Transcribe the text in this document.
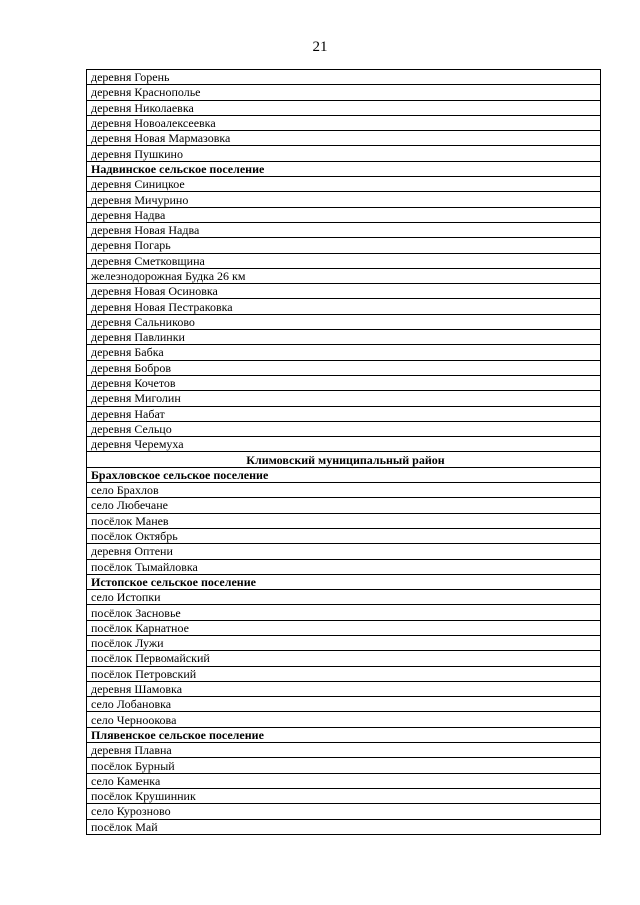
21
деревня Горень
деревня Краснополье
деревня Николаевка
деревня Новоалексеевка
деревня Новая Мармазовка
деревня Пушкино
Надвинское сельское поселение
деревня Синицкое
деревня Мичурино
деревня Надва
деревня Новая Надва
деревня Погарь
деревня Сметковщина
железнодорожная Будка 26 км
деревня Новая Осиновка
деревня Новая Пестраковка
деревня Сальниково
деревня Павлинки
деревня Бабка
деревня Бобров
деревня Кочетов
деревня Миголин
деревня Набат
деревня Сельцо
деревня Черемуха
Климовский муниципальный район
Брахловское сельское поселение
село Брахлов
село Любечане
посёлок Манев
посёлок Октябрь
деревня Оптени
посёлок Тымайловка
Истопское сельское поселение
село Истопки
посёлок Засновье
посёлок Карнатное
посёлок Лужи
посёлок Первомайский
посёлок Петровский
деревня Шамовка
село Лобановка
село Черноокова
Плявенское сельское поселение
деревня Плавна
посёлок Бурный
село Каменка
посёлок Крушинник
село Курозново
посёлок Май
